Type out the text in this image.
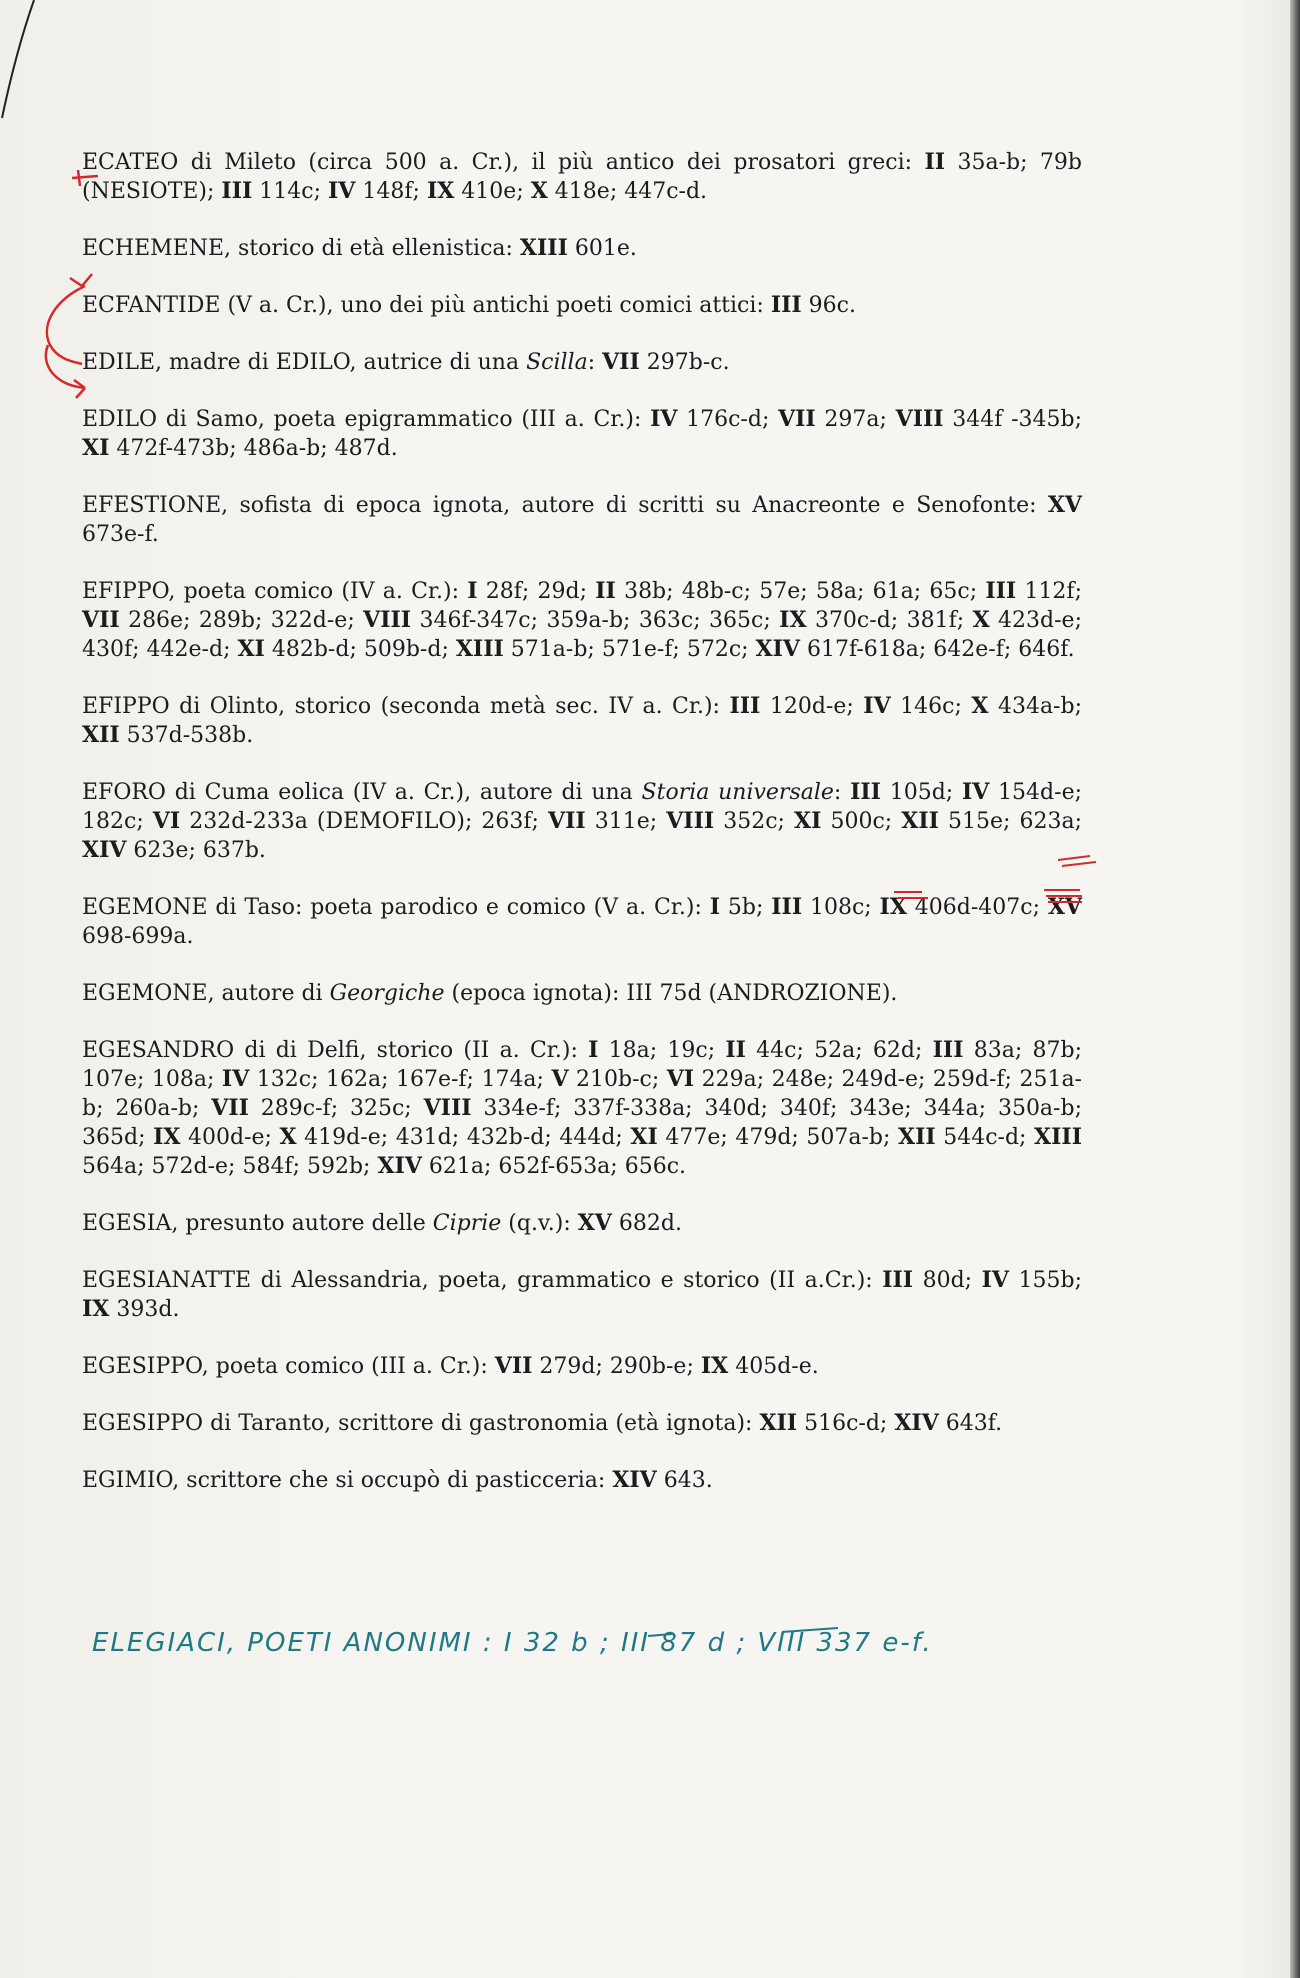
ECATEO di Mileto (circa 500 a. Cr.), il più antico dei prosatori greci: II 35a-b; 79b (NESIOTE); III 114c; IV 148f; IX 410e; X 418e; 447c-d.
ECHEMENE, storico di età ellenistica: XIII 601e.
ECFANTIDE (V a. Cr.), uno dei più antichi poeti comici attici: III 96c.
EDILE, madre di EDILO, autrice di una Scilla: VII 297b-c.
EDILO di Samo, poeta epigrammatico (III a. Cr.): IV 176c-d; VII 297a; VIII 344f -345b; XI 472f-473b; 486a-b; 487d.
EFESTIONE, sofista di epoca ignota, autore di scritti su Anacreonte e Senofonte: XV 673e-f.
EFIPPO, poeta comico (IV a. Cr.): I 28f; 29d; II 38b; 48b-c; 57e; 58a; 61a; 65c; III 112f; VII 286e; 289b; 322d-e; VIII 346f-347c; 359a-b; 363c; 365c; IX 370c-d; 381f; X 423d-e; 430f; 442e-d; XI 482b-d; 509b-d; XIII 571a-b; 571e-f; 572c; XIV 617f-618a; 642e-f; 646f.
EFIPPO di Olinto, storico (seconda metà sec. IV a. Cr.): III 120d-e; IV 146c; X 434a-b; XII 537d-538b.
EFORO di Cuma eolica (IV a. Cr.), autore di una Storia universale: III 105d; IV 154d-e; 182c; VI 232d-233a (DEMOFILO); 263f; VII 311e; VIII 352c; XI 500c; XII 515e; 623a; XIV 623e; 637b.
EGEMONE di Taso: poeta parodico e comico (V a. Cr.): I 5b; III 108c; IX 406d-407c; XV 698-699a.
EGEMONE, autore di Georgiche (epoca ignota): III 75d (ANDROZIONE).
EGESANDRO di di Delfi, storico (II a. Cr.): I 18a; 19c; II 44c; 52a; 62d; III 83a; 87b; 107e; 108a; IV 132c; 162a; 167e-f; 174a; V 210b-c; VI 229a; 248e; 249d-e; 259d-f; 251a-b; 260a-b; VII 289c-f; 325c; VIII 334e-f; 337f-338a; 340d; 340f; 343e; 344a; 350a-b; 365d; IX 400d-e; X 419d-e; 431d; 432b-d; 444d; XI 477e; 479d; 507a-b; XII 544c-d; XIII 564a; 572d-e; 584f; 592b; XIV 621a; 652f-653a; 656c.
EGESIA, presunto autore delle Ciprie (q.v.): XV 682d.
EGESIANATTE di Alessandria, poeta, grammatico e storico (II a.Cr.): III 80d; IV 155b; IX 393d.
EGESIPPO, poeta comico (III a. Cr.): VII 279d; 290b-e; IX 405d-e.
EGESIPPO di Taranto, scrittore di gastronomia (età ignota): XII 516c-d; XIV 643f.
EGIMIO, scrittore che si occupò di pasticceria: XIV 643.
ELEGIACI, POETI ANONIMI : I 32 b ; III 87 d ; VIII 337 e-f.
